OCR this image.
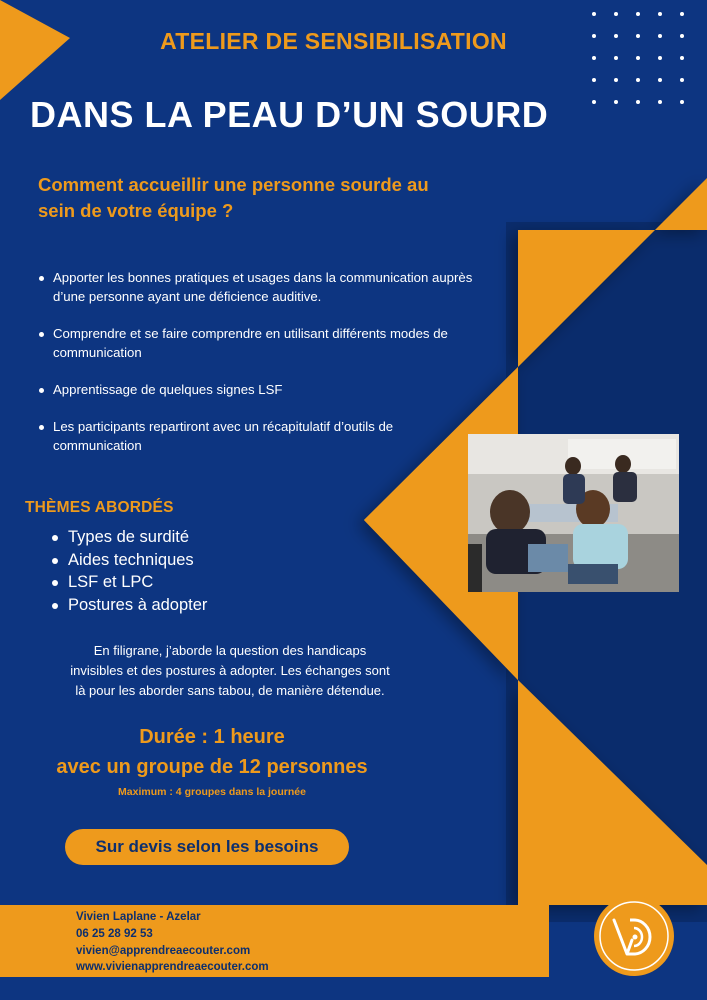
ATELIER DE SENSIBILISATION
DANS LA PEAU D’UN SOURD
Comment accueillir une personne sourde au sein de votre équipe ?
Apporter les bonnes pratiques et usages dans la communication auprès d’une personne ayant une déficience auditive.
Comprendre et se faire comprendre en utilisant différents modes de communication
Apprentissage de quelques signes LSF
Les participants repartiront avec un récapitulatif d’outils de communication
THÈMES ABORDÉS
Types de surdité
Aides techniques
LSF et LPC
Postures à adopter
En filigrane, j’aborde la question des handicaps invisibles et des postures à adopter. Les échanges sont là pour les aborder sans tabou, de manière détendue.
Durée : 1 heure
avec un groupe de 12 personnes
Maximum : 4 groupes dans la journée
Sur devis selon les besoins
Vivien Laplane - Azelar
06 25 28 92 53
vivien@apprendreaecouter.com
www.vivienapprendreaecouter.com
